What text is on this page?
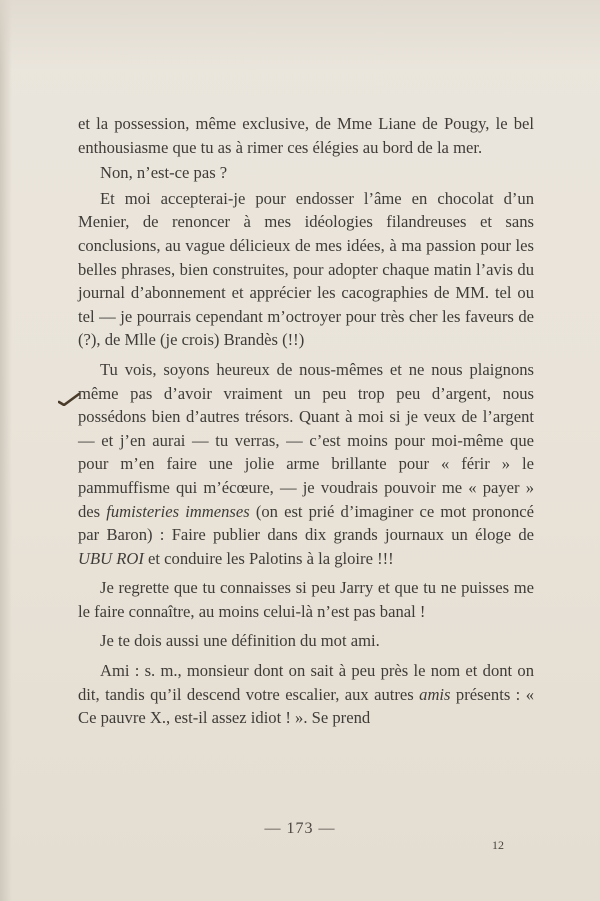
et la possession, même exclusive, de Mme Liane de Pougy, le bel enthousiasme que tu as à rimer ces élégies au bord de la mer.

Non, n’est-ce pas ?

Et moi accepterai-je pour endosser l’âme en chocolat d’un Menier, de renoncer à mes idéologies filandreuses et sans conclusions, au vague délicieux de mes idées, à ma passion pour les belles phrases, bien construites, pour adopter chaque matin l’avis du journal d’abonnement et apprécier les cacographies de MM. tel ou tel — je pourrais cependant m’octroyer pour très cher les faveurs de (?), de Mlle (je crois) Brandès (!!)

Tu vois, soyons heureux de nous-mêmes et ne nous plaignons même pas d’avoir vraiment un peu trop peu d’argent, nous possédons bien d’autres trésors. Quant à moi si je veux de l’argent — et j’en aurai — tu verras, — c’est moins pour moi-même que pour m’en faire une jolie arme brillante pour « férir » le pammuffisme qui m’écœure, — je voudrais pouvoir me « payer » des fumisteries immenses (on est prié d’imaginer ce mot prononcé par Baron) : Faire publier dans dix grands journaux un éloge de UBU ROI et conduire les Palotins à la gloire !!!

Je regrette que tu connaisses si peu Jarry et que tu ne puisses me le faire connaître, au moins celui-là n’est pas banal !

Je te dois aussi une définition du mot ami.

Ami : s. m., monsieur dont on sait à peu près le nom et dont on dit, tandis qu’il descend votre escalier, aux autres amis présents : « Ce pauvre X., est-il assez idiot ! ». Se prend

— 173 —
12
